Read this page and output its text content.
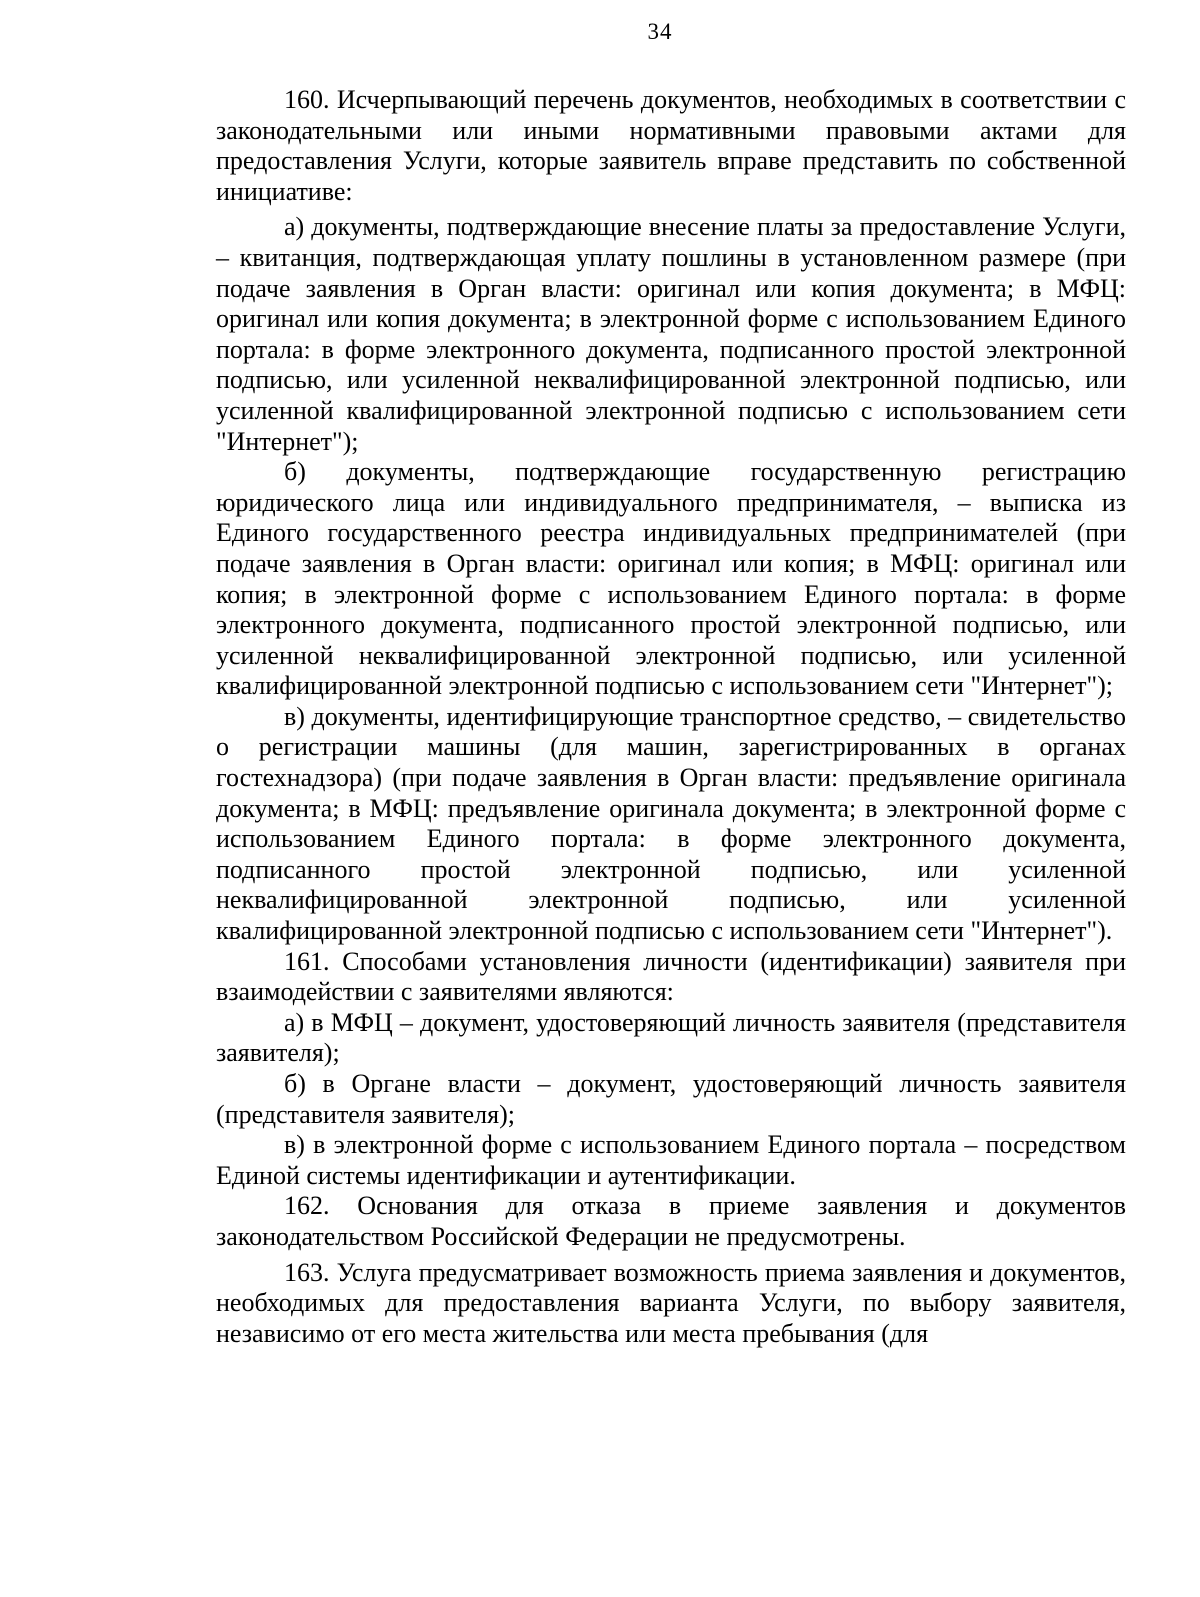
34

160. Исчерпывающий перечень документов, необходимых в соответствии с законодательными или иными нормативными правовыми актами для предоставления Услуги, которые заявитель вправе представить по собственной инициативе:

а) документы, подтверждающие внесение платы за предоставление Услуги, – квитанция, подтверждающая уплату пошлины в установленном размере (при подаче заявления в Орган власти: оригинал или копия документа; в МФЦ: оригинал или копия документа; в электронной форме с использованием Единого портала: в форме электронного документа, подписанного простой электронной подписью, или усиленной неквалифицированной электронной подписью, или усиленной квалифицированной электронной подписью с использованием сети "Интернет");

б) документы, подтверждающие государственную регистрацию юридического лица или индивидуального предпринимателя, – выписка из Единого государственного реестра индивидуальных предпринимателей (при подаче заявления в Орган власти: оригинал или копия; в МФЦ: оригинал или копия; в электронной форме с использованием Единого портала: в форме электронного документа, подписанного простой электронной подписью, или усиленной неквалифицированной электронной подписью, или усиленной квалифицированной электронной подписью с использованием сети "Интернет");

в) документы, идентифицирующие транспортное средство, – свидетельство о регистрации машины (для машин, зарегистрированных в органах гостехнадзора) (при подаче заявления в Орган власти: предъявление оригинала документа; в МФЦ: предъявление оригинала документа; в электронной форме с использованием Единого портала: в форме электронного документа, подписанного простой электронной подписью, или усиленной неквалифицированной электронной подписью, или усиленной квалифицированной электронной подписью с использованием сети "Интернет").

161. Способами установления личности (идентификации) заявителя при взаимодействии с заявителями являются:

а) в МФЦ – документ, удостоверяющий личность заявителя (представителя заявителя);

б) в Органе власти – документ, удостоверяющий личность заявителя (представителя заявителя);

в) в электронной форме с использованием Единого портала – посредством Единой системы идентификации и аутентификации.

162. Основания для отказа в приеме заявления и документов законодательством Российской Федерации не предусмотрены.

163. Услуга предусматривает возможность приема заявления и документов, необходимых для предоставления варианта Услуги, по выбору заявителя, независимо от его места жительства или места пребывания (для
